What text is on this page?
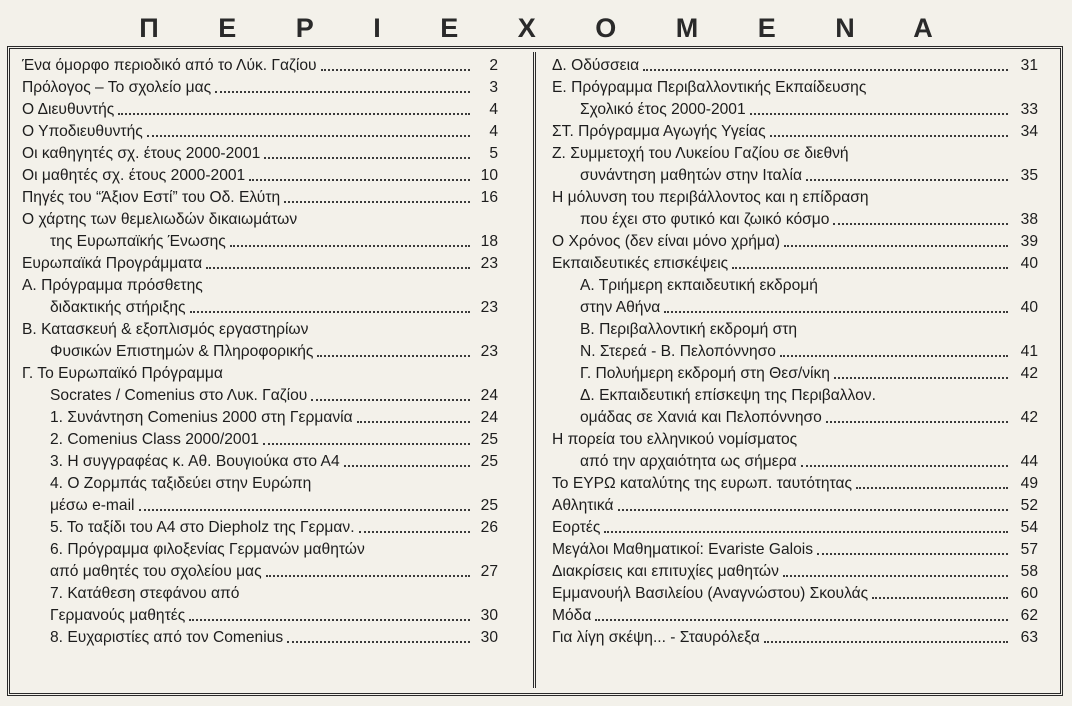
Π Ε Ρ Ι Ε Χ Ο Μ Ε Ν Α
Ένα όμορφο περιοδικό από το Λύκ. Γαζίου	2
Πρόλογος – Το σχολείο μας	3
Ο Διευθυντής	4
Ο Υποδιευθυντής	4
Οι καθηγητές σχ. έτους 2000-2001	5
Οι μαθητές σχ. έτους 2000-2001	10
Πηγές του “Άξιον Εστί” του Οδ. Ελύτη	16
Ο χάρτης των θεμελιωδών δικαιωμάτων
της Ευρωπαϊκής Ένωσης	18
Ευρωπαϊκά Προγράμματα	23
Α. Πρόγραμμα πρόσθετης
διδακτικής στήριξης	23
Β. Κατασκευή & εξοπλισμός εργαστηρίων
Φυσικών Επιστημών & Πληροφορικής	23
Γ. Το Ευρωπαϊκό Πρόγραμμα
Socrates / Comenius στο Λυκ. Γαζίου	24
1. Συνάντηση Comenius 2000 στη Γερμανία	24
2. Comenius Class 2000/2001	25
3. Η συγγραφέας κ. Αθ. Βουγιούκα στο Α4	25
4. Ο Ζορμπάς ταξιδεύει στην Ευρώπη
μέσω e-mail	25
5. Το ταξίδι του Α4 στο Diepholz της Γερμαν.	26
6. Πρόγραμμα φιλοξενίας Γερμανών μαθητών
από μαθητές του σχολείου μας	27
7. Κατάθεση στεφάνου από
Γερμανούς μαθητές	30
8. Ευχαριστίες από τον Comenius	30
Δ. Οδύσσεια	31
Ε. Πρόγραμμα Περιβαλλοντικής Εκπαίδευσης
Σχολικό έτος 2000-2001	33
ΣΤ. Πρόγραμμα Αγωγής Υγείας	34
Ζ. Συμμετοχή του Λυκείου Γαζίου σε διεθνή
συνάντηση μαθητών στην Ιταλία	35
Η μόλυνση του περιβάλλοντος και η επίδραση
που έχει στο φυτικό και ζωικό κόσμο	38
Ο Χρόνος (δεν είναι μόνο χρήμα)	39
Εκπαιδευτικές επισκέψεις	40
Α. Τριήμερη εκπαιδευτική εκδρομή
στην Αθήνα	40
Β. Περιβαλλοντική εκδρομή στη
Ν. Στερεά - Β. Πελοπόννησο	41
Γ. Πολυήμερη εκδρομή στη Θεσ/νίκη	42
Δ. Εκπαιδευτική επίσκεψη της Περιβαλλον.
ομάδας σε Χανιά και Πελοπόννησο	42
Η πορεία του ελληνικού νομίσματος
από την αρχαιότητα ως σήμερα	44
Το ΕΥΡΩ καταλύτης της ευρωπ. ταυτότητας	49
Αθλητικά	52
Εορτές	54
Μεγάλοι Μαθηματικοί: Evariste Galois	57
Διακρίσεις και επιτυχίες μαθητών	58
Εμμανουήλ Βασιλείου (Αναγνώστου) Σκουλάς	60
Μόδα	62
Για λίγη σκέψη... - Σταυρόλεξα	63
